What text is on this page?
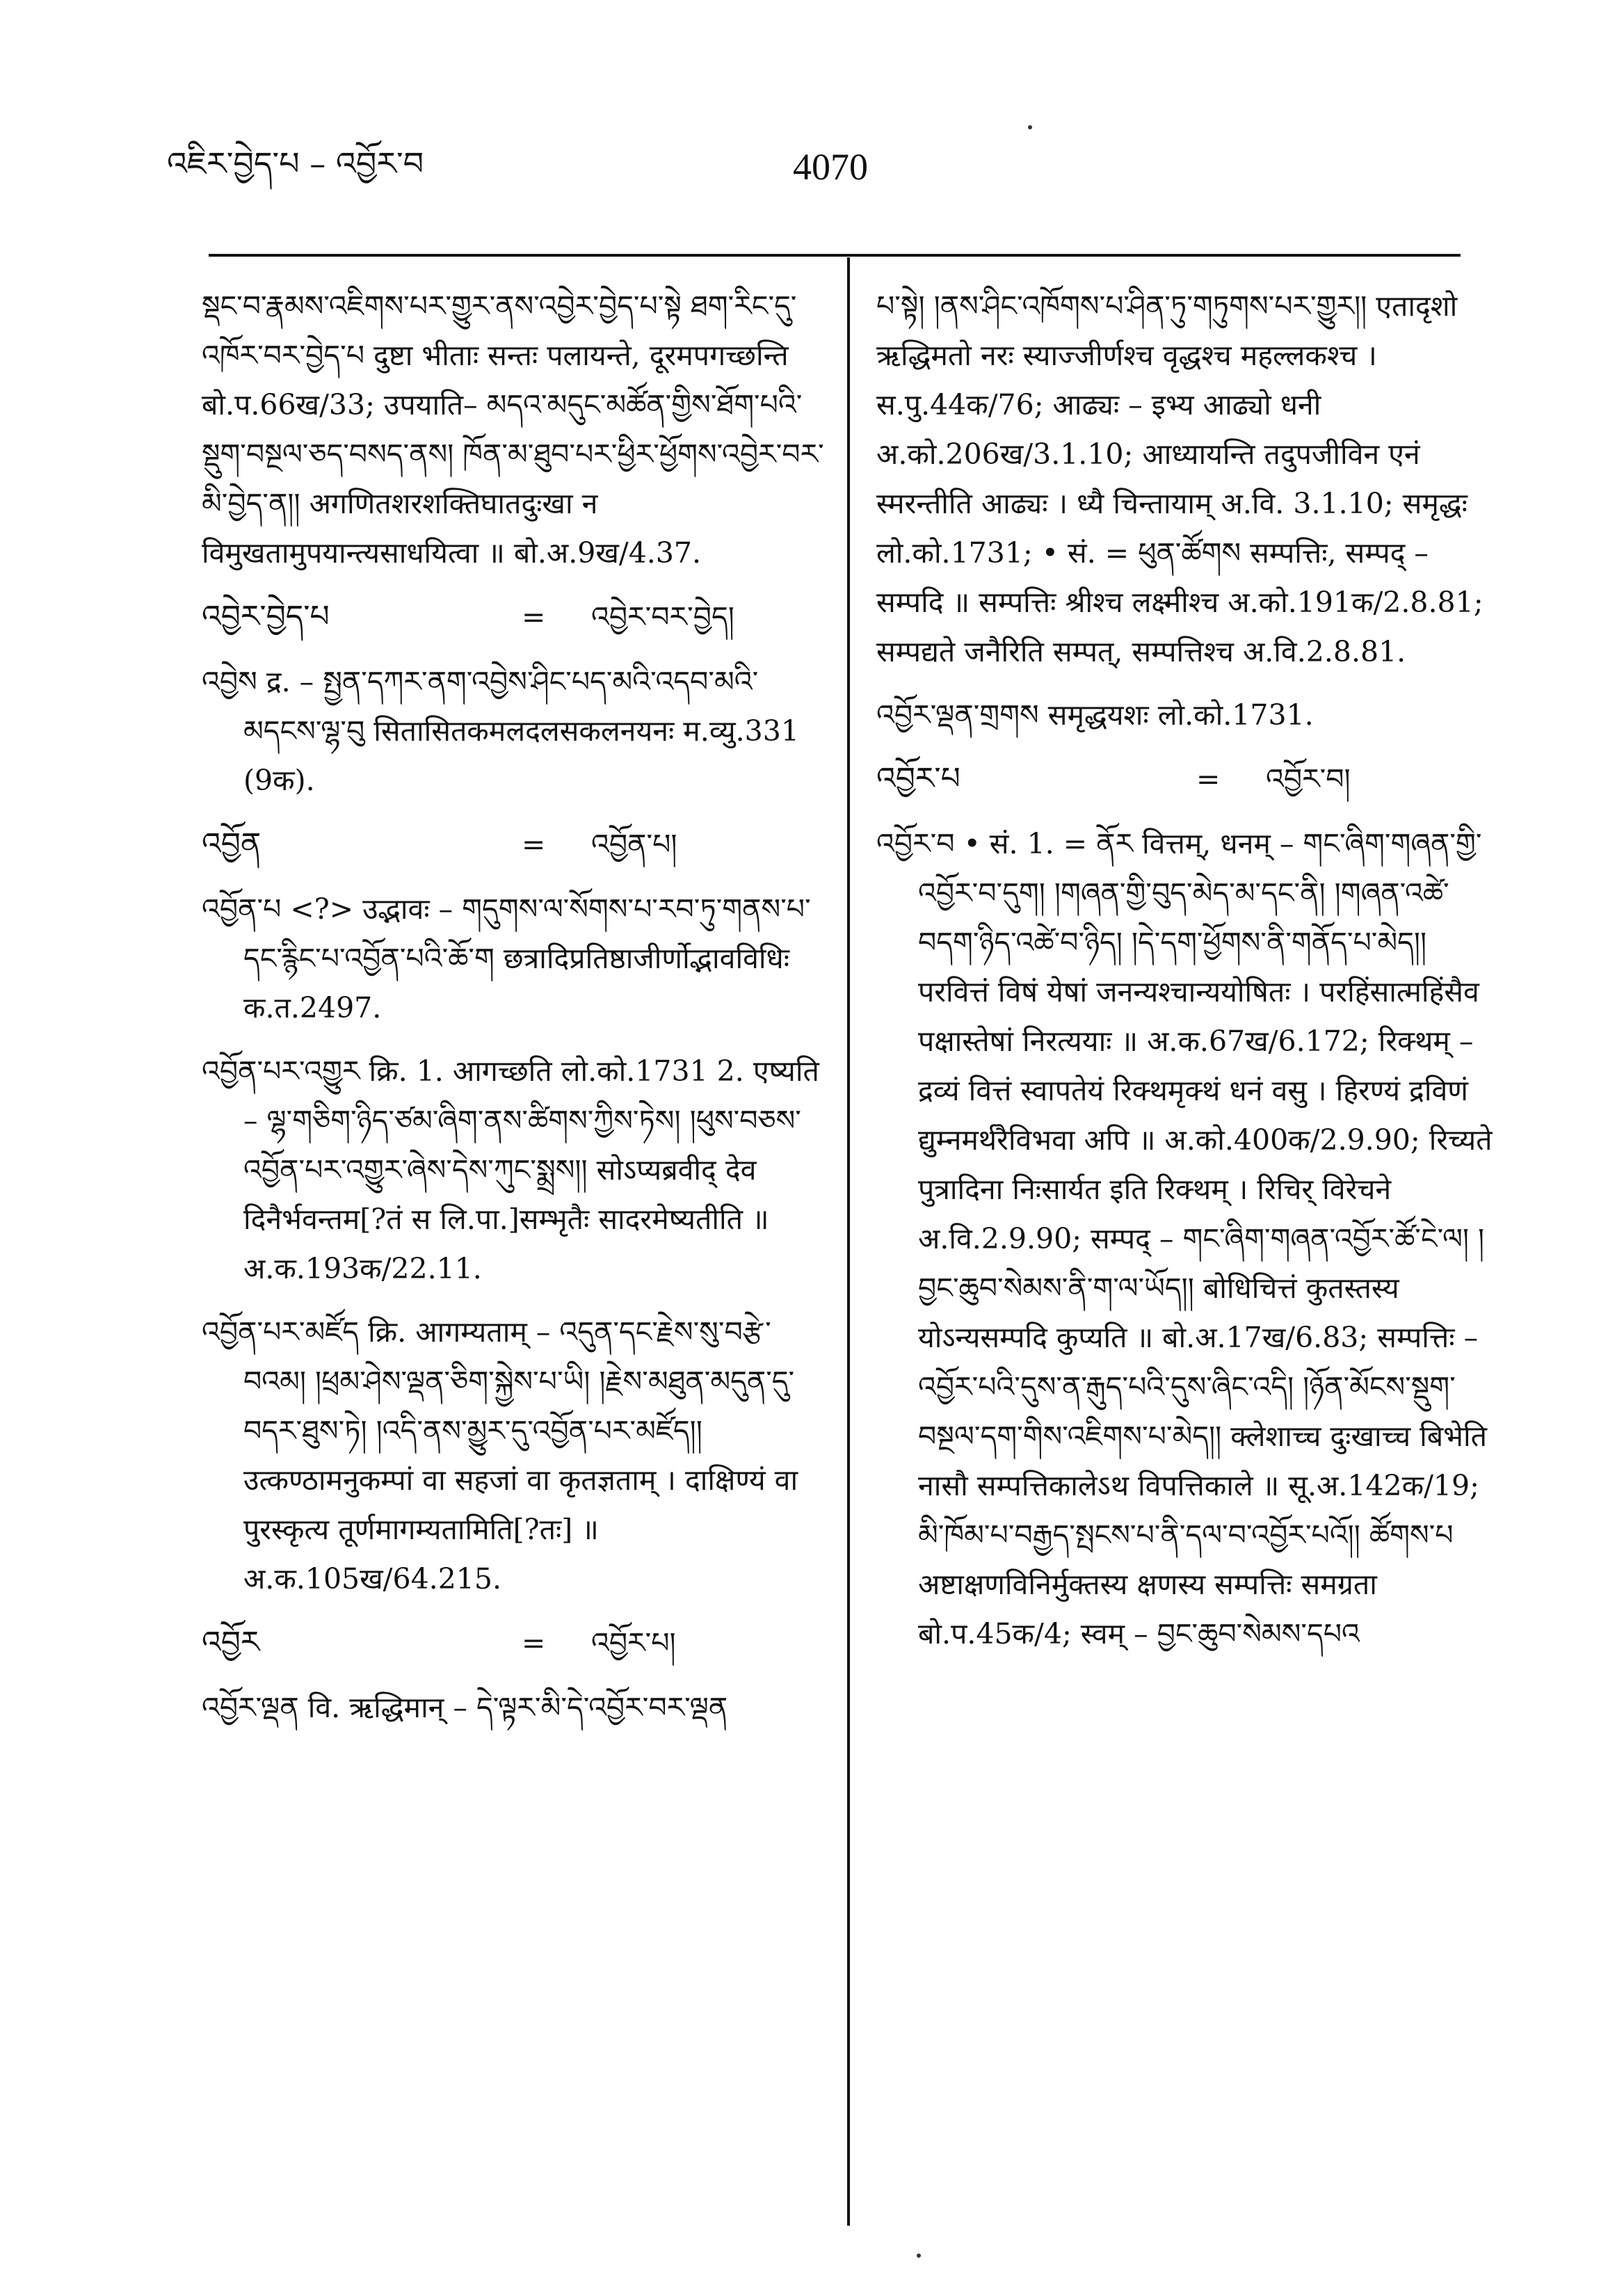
འཇིར་བྱེད་པ – འབྱོར་བ	4070

སྡང་བ་རྣམས་འཇིགས་པར་གྱུར་ནས་འབྱེར་བྱེད་པ་སྟེ ཐག་རིང་དུ་འཁོར་བར་བྱེད་པ दुष्टा भीताः सन्तः पलायन्ते, दूरमपगच्छन्ति बो.प.66ख/33; उपयाति– མདའ་མདུང་མཚོན་གྱིས་ཐོག་པའི་སྡུག་བསྔལ་ཅད་བསད་ནས། ཁོན་མ་ཐུབ་པར་ཕྱིར་ཕྱོགས་འབྱེར་བར་མི་བྱེད་ན།། अगणितशरशक्तिघातदुःखा न विमुखतामुपयान्त्यसाधयित्वा ॥ बो.अ.9ख/4.37.

འབྱེར་བྱེད་པ	=	འབྱེར་བར་བྱེད།

འབྱེས द्र. – སྤྱན་དཀར་ནག་འབྱེས་ཤིང་པད་མའི་འདབ་མའི་མདངས་ལྷ་བུ सितासितकमलदलसकलनयनः म.व्यु.331 (9क).

འབྱོན	=	འབྱོན་པ།

འབྱོན་པ <?> उद्भावः – གདུགས་ལ་སོགས་པ་རབ་ཏུ་གནས་པ་དང་རྙིང་པ་འབྱོན་པའི་ཆོ་ག छत्रादिप्रतिष्ठाजीर्णोद्भावविधिः क.त.2497.

འབྱོན་པར་འགྱུར क्रि. 1. आगच्छति लो.को.1731 2. एष्यति – ལྷ་གཅིག་ཉིད་ཙམ་ཞིག་ནས་ཚིགས་ཀྱིས་ཏེས། །ཕུས་བཅས་འབྱོན་པར་འགྱུར་ཞེས་དེས་ཀུང་སྨྲས།། सोऽप्यब्रवीद् देव दिनैर्भवन्तम[?तं स लि.पा.]सम्भृतैः सादरमेष्यतीति ॥ अ.क.193क/22.11.

འབྱོན་པར་མཛོད क्रि. आगम्यताम् – འདུན་དང་རྗེས་སུ་བརྩེ་བའམ། །ཕྲམ་ཤེས་ལྡན་ཅིག་སྐྱེས་པ་ཡི། །རྗེས་མཐུན་མདུན་དུ་བདར་ཐུས་ཏེ། །འདི་ནས་མྱུར་དུ་འབྱོན་པར་མཛོད།། उत्कण्ठामनुकम्पां वा सहजां वा कृतज्ञताम् । दाक्षिण्यं वा पुरस्कृत्य तूर्णमागम्यतामिति[?तः] ॥ अ.क.105ख/64.215.

འབྱོར	=	འབྱོར་པ།

འབྱོར་ལྡན वि. ऋद्धिमान् – དེ་ལྟར་མི་དེ་འབྱོར་བར་ལྡན

པ་སྟེ། །ནས་ཤིང་འཁོགས་པ་ཤིན་ཏུ་གཏུགས་པར་གྱུར།། एतादृशो ऋद्धिमतो नरः स्याज्जीर्णश्च वृद्धश्च महल्लकश्च । स.पु.44क/76; आढ्यः – इभ्य आढ्यो धनी अ.को.206ख/3.1.10; आध्यायन्ति तदुपजीविन एनं स्मरन्तीति आढ्यः । ध्यै चिन्तायाम् अ.वि. 3.1.10; समृद्धः लो.को.1731; • सं. = ཕུན་ཚོགས सम्पत्तिः, सम्पद् – सम्पदि ॥ सम्पत्तिः श्रीश्च लक्ष्मीश्च अ.को.191क/2.8.81; सम्पद्यते जनैरिति सम्पत्, सम्पत्तिश्च अ.वि.2.8.81.

འབྱོར་ལྡན་གྲགས समृद्धयशः लो.को.1731.

འབྱོར་པ	=	འབྱོར་བ།

འབྱོར་བ • सं. 1. = ནོར वित्तम्, धनम् – གང་ཞིག་གཞན་གྱི་འབྱོར་བ་དུག། །གཞན་གྱི་བུད་མེད་མ་དང་ནི། །གཞན་འཚེ་བདག་ཉིད་འཚེ་བ་ཉིད། །དེ་དག་ཕྱོགས་ནི་གནོད་པ་མེད།། परवित्तं विषं येषां जनन्यश्चान्ययोषितः । परहिंसात्महिंसैव पक्षास्तेषां निरत्ययाः ॥ अ.क.67ख/6.172; रिक्थम् – द्रव्यं वित्तं स्वापतेयं रिक्थमृक्थं धनं वसु । हिरण्यं द्रविणं द्युम्नमर्थरैविभवा अपि ॥ अ.को.400क/2.9.90; रिच्यते पुत्रादिना निःसार्यत इति रिक्थम् । रिचिर् विरेचने अ.वि.2.9.90; सम्पद् – གང་ཞིག་གཞན་འབྱོར་ཚོ་ངེ་ལ། །བྱང་ཆུབ་སེམས་ནི་ག་ལ་ཡོད།། बोधिचित्तं कुतस्तस्य योऽन्यसम्पदि कुप्यति ॥ बो.अ.17ख/6.83; सम्पत्तिः – འབྱོར་པའི་དུས་ན་རྒུད་པའི་དུས་ཞིང་འདི། །ཉོན་མོངས་སྡུག་བསྔལ་དག་གིས་འཇིགས་པ་མེད།། क्लेशाच्च दुःखाच्च बिभेति नासौ सम्पत्तिकालेऽथ विपत्तिकाले ॥ सू.अ.142क/19; མི་ཁོམ་པ་བརྒྱད་སྤངས་པ་ནི་དལ་བ་འབྱོར་པའོ།། ཚོགས་པ अष्टाक्षणविनिर्मुक्तस्य क्षणस्य सम्पत्तिः समग्रता बो.प.45क/4; स्वम् – བྱང་ཆུབ་སེམས་དཔའ
